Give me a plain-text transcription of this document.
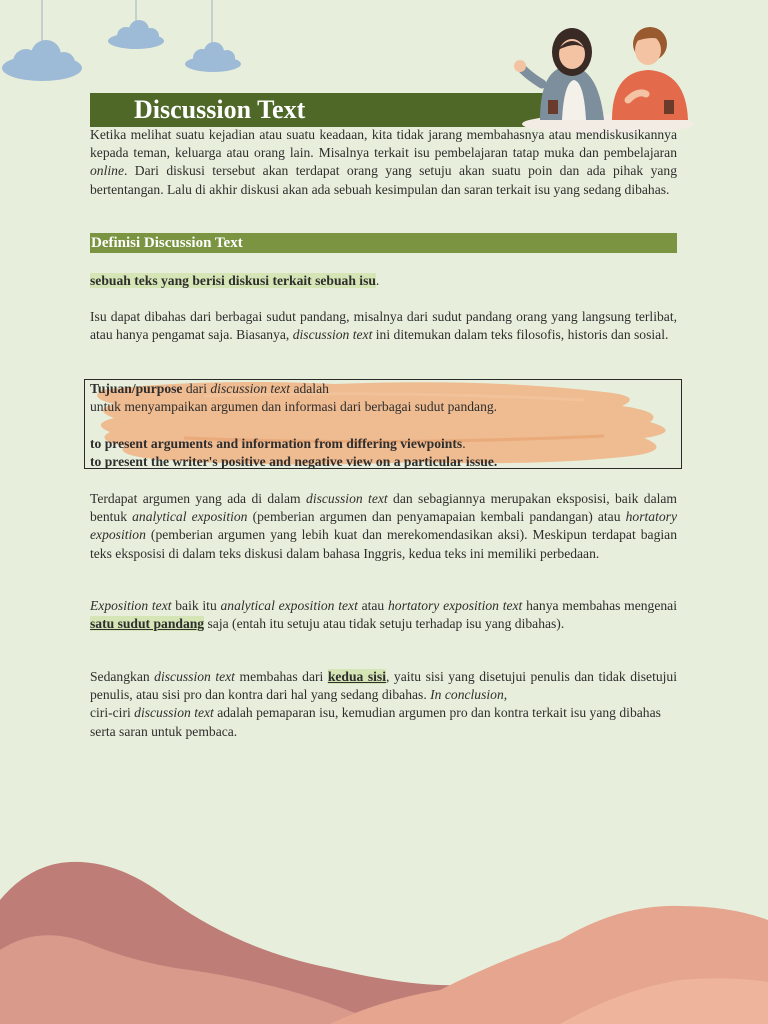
Discussion Text

Ketika melihat suatu kejadian atau suatu keadaan, kita tidak jarang membahasnya atau mendiskusikannya kepada teman, keluarga atau orang lain. Misalnya terkait isu pembelajaran tatap muka dan pembelajaran online. Dari diskusi tersebut akan terdapat orang yang setuju akan suatu poin dan ada pihak yang bertentangan. Lalu di akhir diskusi akan ada sebuah kesimpulan dan saran terkait isu yang sedang dibahas.

Definisi Discussion Text

sebuah teks yang berisi diskusi terkait sebuah isu.

Isu dapat dibahas dari berbagai sudut pandang, misalnya dari sudut pandang orang yang langsung terlibat, atau hanya pengamat saja. Biasanya, discussion text ini ditemukan dalam teks filosofis, historis dan sosial.

Tujuan/purpose dari discussion text adalah

untuk menyampaikan argumen dan informasi dari berbagai sudut pandang.

to present arguments and information from differing viewpoints.

to present the writer's positive and negative view on a particular issue.

Terdapat argumen yang ada di dalam discussion text dan sebagiannya merupakan eksposisi, baik dalam bentuk analytical exposition (pemberian argumen dan penyamapaian kembali pandangan) atau hortatory exposition (pemberian argumen yang lebih kuat dan merekomendasikan aksi). Meskipun terdapat bagian teks eksposisi di dalam teks diskusi dalam bahasa Inggris, kedua teks ini memiliki perbedaan.

Exposition text baik itu analytical exposition text atau hortatory exposition text hanya membahas mengenai satu sudut pandang saja (entah itu setuju atau tidak setuju terhadap isu yang dibahas).

Sedangkan discussion text membahas dari kedua sisi, yaitu sisi yang disetujui penulis dan tidak disetujui penulis, atau sisi pro dan kontra dari hal yang sedang dibahas. In conclusion,

ciri-ciri discussion text adalah pemaparan isu, kemudian argumen pro dan kontra terkait isu yang dibahas serta saran untuk pembaca.
